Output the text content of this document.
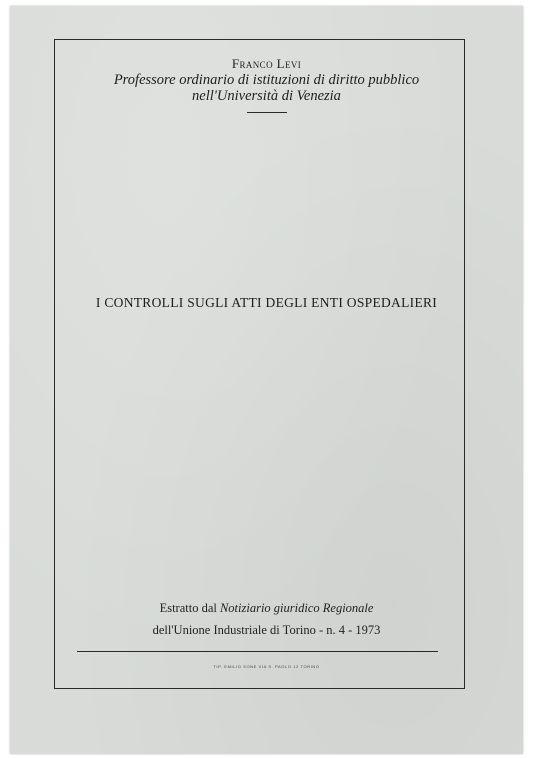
Franco Levi
Professore ordinario di istituzioni di diritto pubblico
nell'Università di Venezia
I CONTROLLI SUGLI ATTI DEGLI ENTI OSPEDALIERI
Estratto dal Notiziario giuridico Regionale
dell'Unione Industriale di Torino - n. 4 - 1973
TIP. EMILIO SONE VIA S. PAOLO 12 TORINO
